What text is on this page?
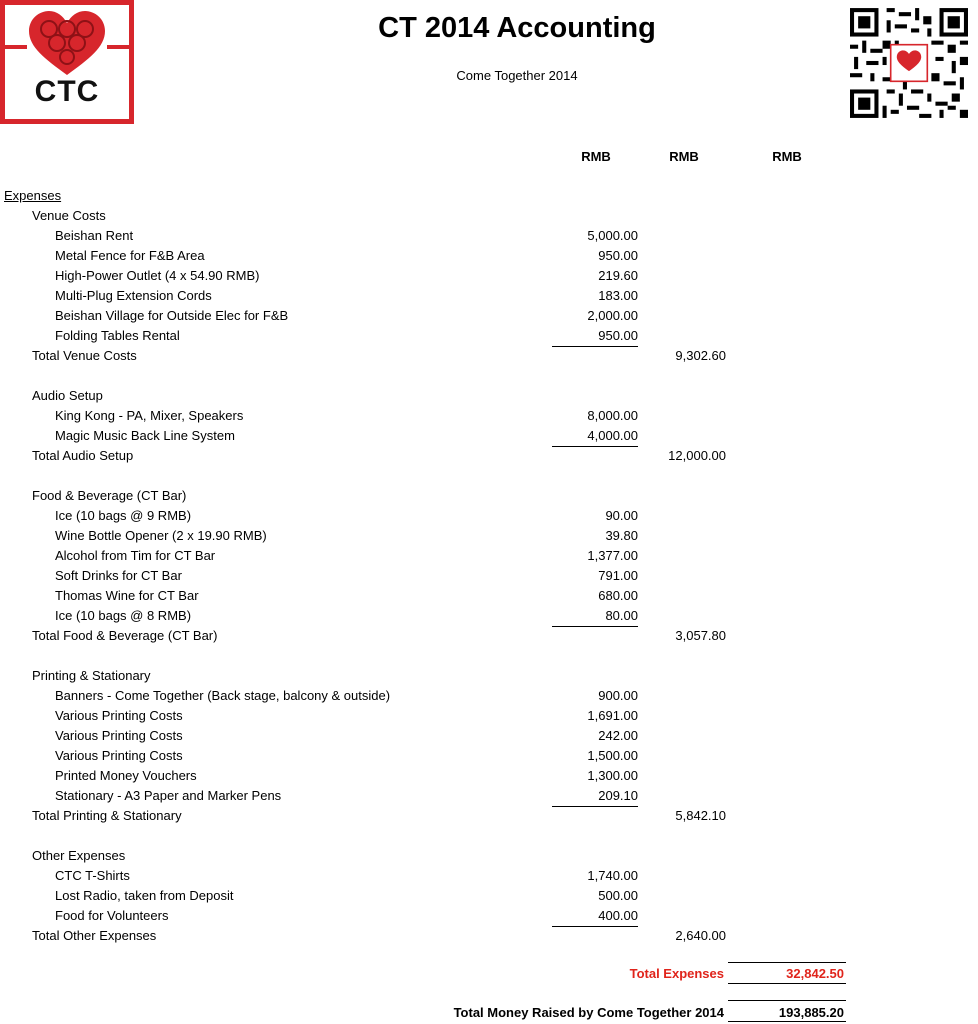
CTC
CT 2014 Accounting
Come Together 2014
RMB	RMB	RMB
Expenses
Venue Costs
Beishan Rent	5,000.00
Metal Fence for F&B Area	950.00
High-Power Outlet (4 x 54.90 RMB)	219.60
Multi-Plug Extension Cords	183.00
Beishan Village for Outside Elec for F&B	2,000.00
Folding Tables Rental	950.00
Total Venue Costs	9,302.60
Audio Setup
King Kong - PA, Mixer, Speakers	8,000.00
Magic Music Back Line System	4,000.00
Total Audio Setup	12,000.00
Food & Beverage (CT Bar)
Ice (10 bags @ 9 RMB)	90.00
Wine Bottle Opener (2 x 19.90 RMB)	39.80
Alcohol from Tim for CT Bar	1,377.00
Soft Drinks for CT Bar	791.00
Thomas Wine for CT Bar	680.00
Ice (10 bags @ 8 RMB)	80.00
Total Food & Beverage (CT Bar)	3,057.80
Printing & Stationary
Banners - Come Together (Back stage, balcony & outside)	900.00
Various Printing Costs	1,691.00
Various Printing Costs	242.00
Various Printing Costs	1,500.00
Printed Money Vouchers	1,300.00
Stationary - A3 Paper and Marker Pens	209.10
Total Printing & Stationary	5,842.10
Other Expenses
CTC T-Shirts	1,740.00
Lost Radio, taken from Deposit	500.00
Food for Volunteers	400.00
Total Other Expenses	2,640.00
Total Expenses	32,842.50
Total Money Raised by Come Together 2014	193,885.20
